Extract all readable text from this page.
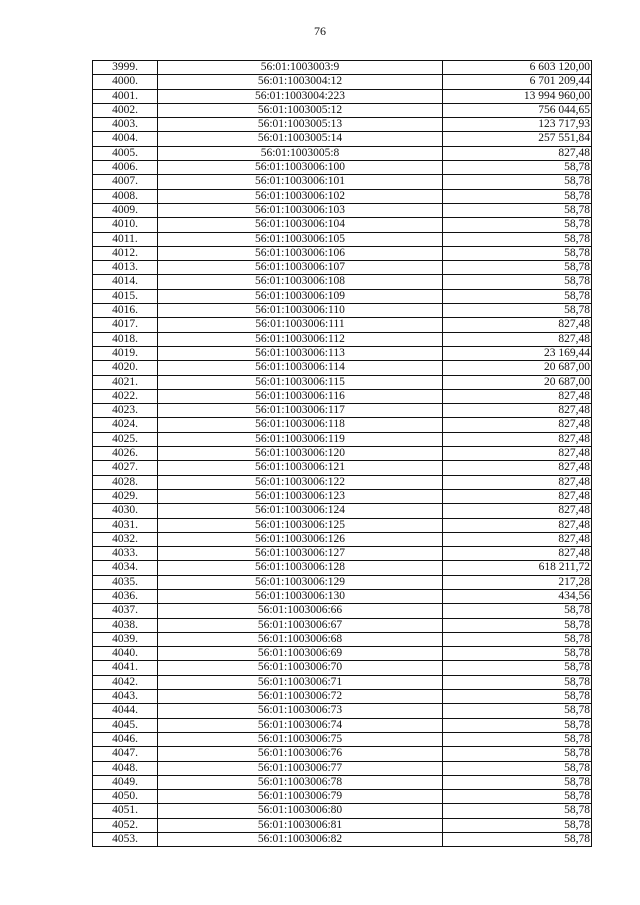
76
3999.	56:01:1003003:9	6 603 120,00
4000.	56:01:1003004:12	6 701 209,44
4001.	56:01:1003004:223	13 994 960,00
4002.	56:01:1003005:12	756 044,65
4003.	56:01:1003005:13	123 717,93
4004.	56:01:1003005:14	257 551,84
4005.	56:01:1003005:8	827,48
4006.	56:01:1003006:100	58,78
4007.	56:01:1003006:101	58,78
4008.	56:01:1003006:102	58,78
4009.	56:01:1003006:103	58,78
4010.	56:01:1003006:104	58,78
4011.	56:01:1003006:105	58,78
4012.	56:01:1003006:106	58,78
4013.	56:01:1003006:107	58,78
4014.	56:01:1003006:108	58,78
4015.	56:01:1003006:109	58,78
4016.	56:01:1003006:110	58,78
4017.	56:01:1003006:111	827,48
4018.	56:01:1003006:112	827,48
4019.	56:01:1003006:113	23 169,44
4020.	56:01:1003006:114	20 687,00
4021.	56:01:1003006:115	20 687,00
4022.	56:01:1003006:116	827,48
4023.	56:01:1003006:117	827,48
4024.	56:01:1003006:118	827,48
4025.	56:01:1003006:119	827,48
4026.	56:01:1003006:120	827,48
4027.	56:01:1003006:121	827,48
4028.	56:01:1003006:122	827,48
4029.	56:01:1003006:123	827,48
4030.	56:01:1003006:124	827,48
4031.	56:01:1003006:125	827,48
4032.	56:01:1003006:126	827,48
4033.	56:01:1003006:127	827,48
4034.	56:01:1003006:128	618 211,72
4035.	56:01:1003006:129	217,28
4036.	56:01:1003006:130	434,56
4037.	56:01:1003006:66	58,78
4038.	56:01:1003006:67	58,78
4039.	56:01:1003006:68	58,78
4040.	56:01:1003006:69	58,78
4041.	56:01:1003006:70	58,78
4042.	56:01:1003006:71	58,78
4043.	56:01:1003006:72	58,78
4044.	56:01:1003006:73	58,78
4045.	56:01:1003006:74	58,78
4046.	56:01:1003006:75	58,78
4047.	56:01:1003006:76	58,78
4048.	56:01:1003006:77	58,78
4049.	56:01:1003006:78	58,78
4050.	56:01:1003006:79	58,78
4051.	56:01:1003006:80	58,78
4052.	56:01:1003006:81	58,78
4053.	56:01:1003006:82	58,78
